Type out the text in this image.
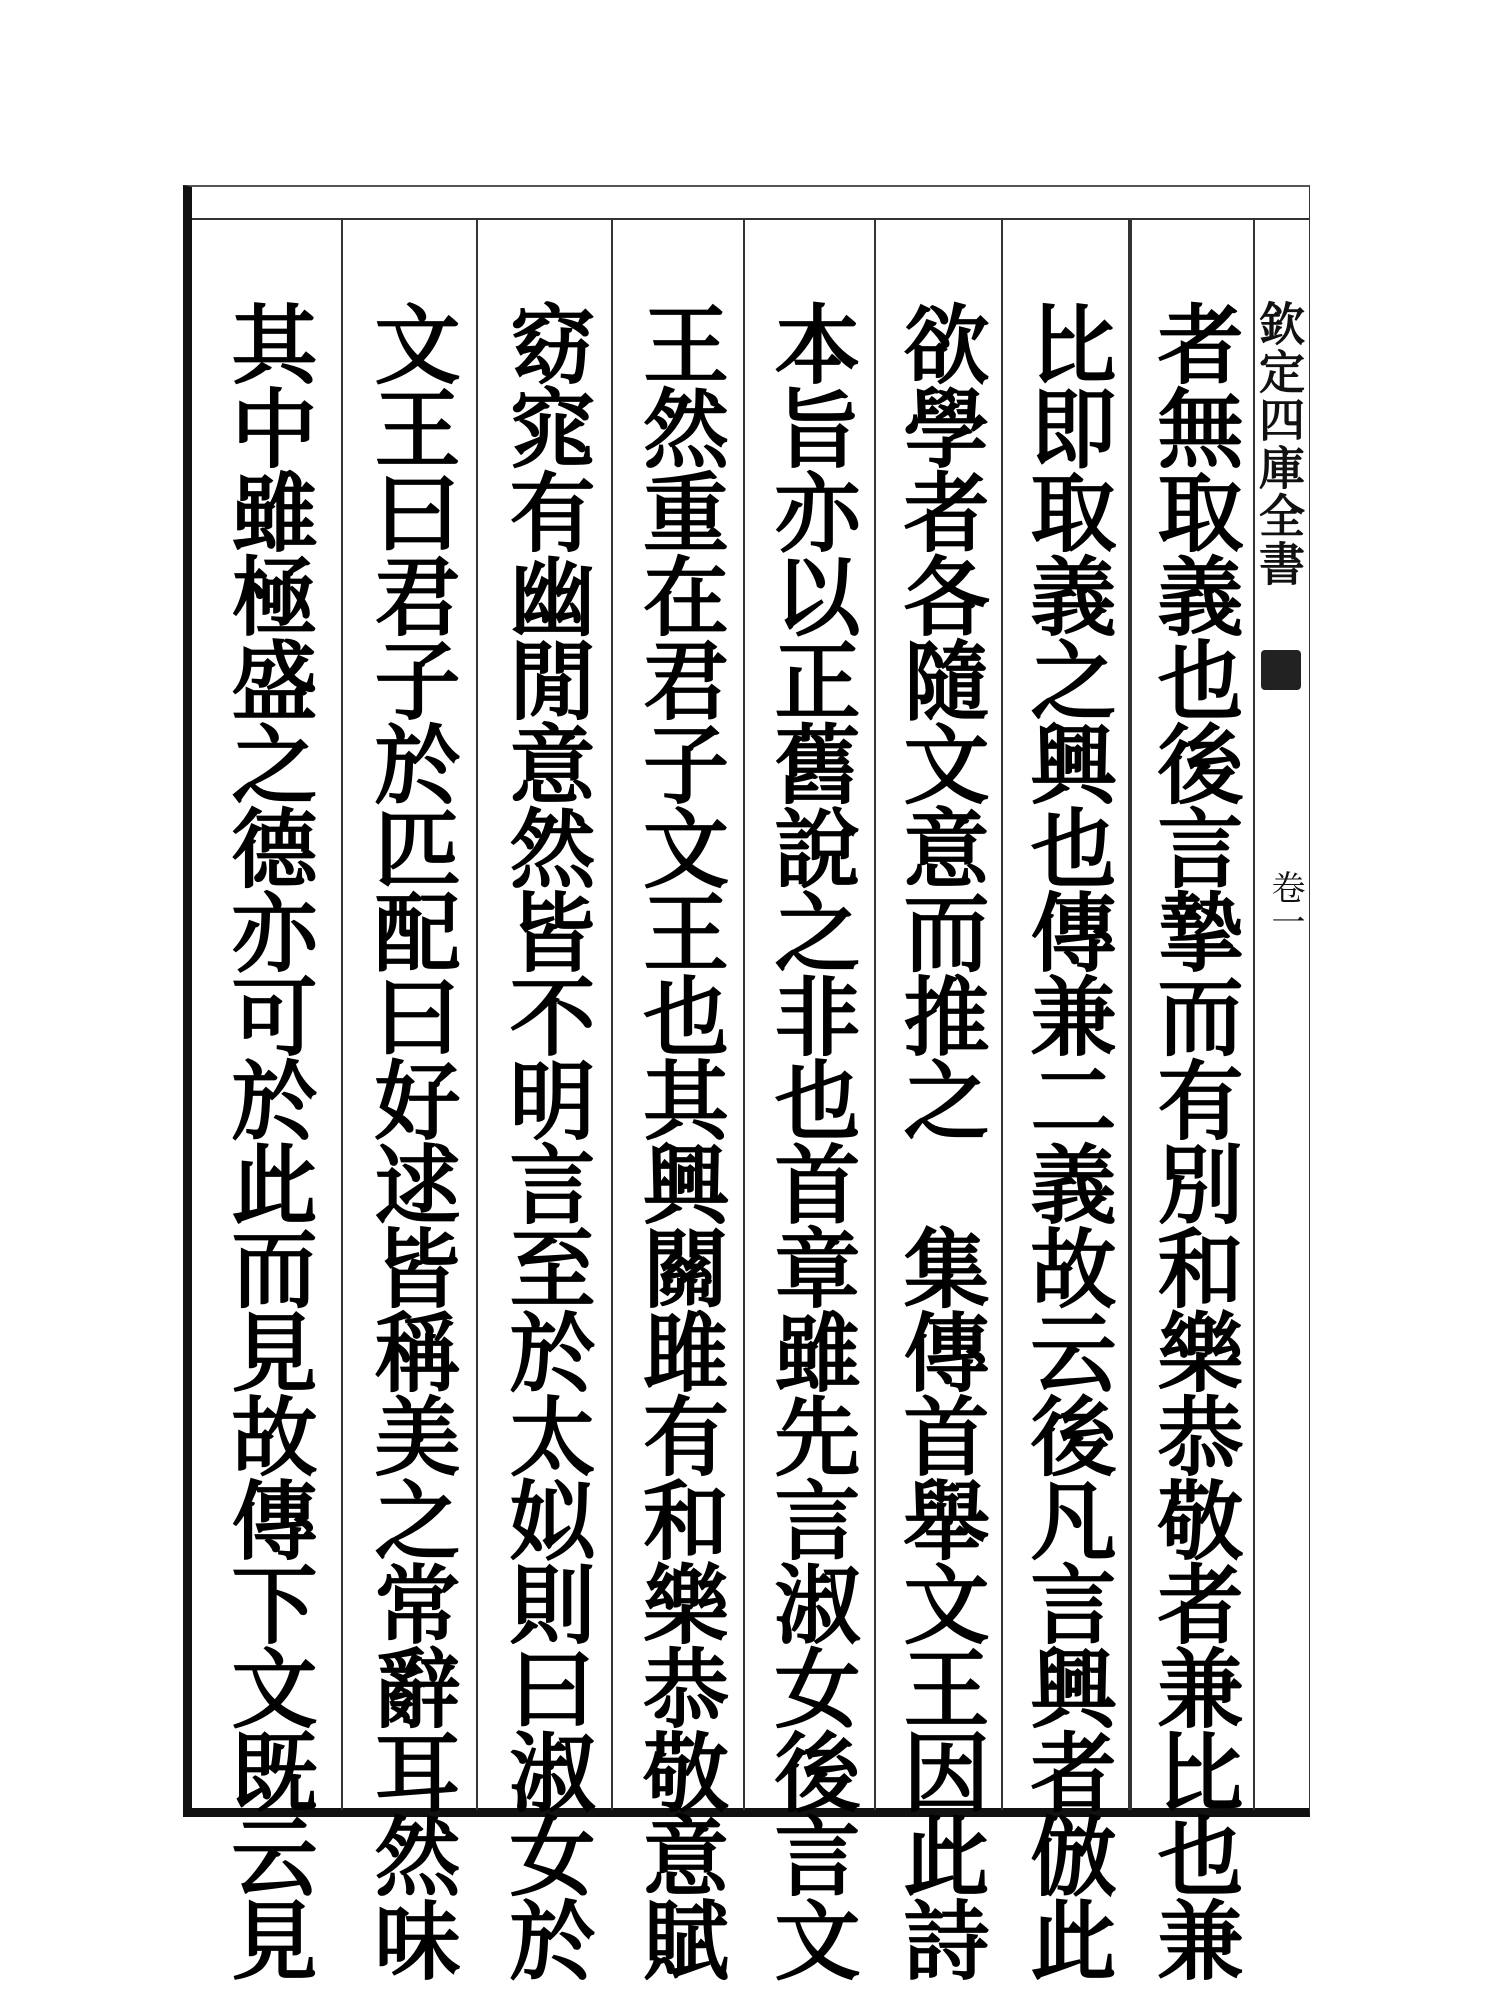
欽定四庫全書
卷一
者無取義也後言摯而有別和樂恭敬者兼比也兼
比即取義之興也傳兼二義故云後凡言興者倣此
欲學者各隨文意而推之　集傳首舉文王因此詩
本旨亦以正舊說之非也首章雖先言淑女後言文
王然重在君子文王也其興關雎有和樂恭敬意賦
窈窕有幽閒意然皆不明言至於太姒則曰淑女於
文王曰君子於匹配曰好逑皆稱美之常辭耳然味
其中雖極盛之德亦可於此而見故傳下文既云見
